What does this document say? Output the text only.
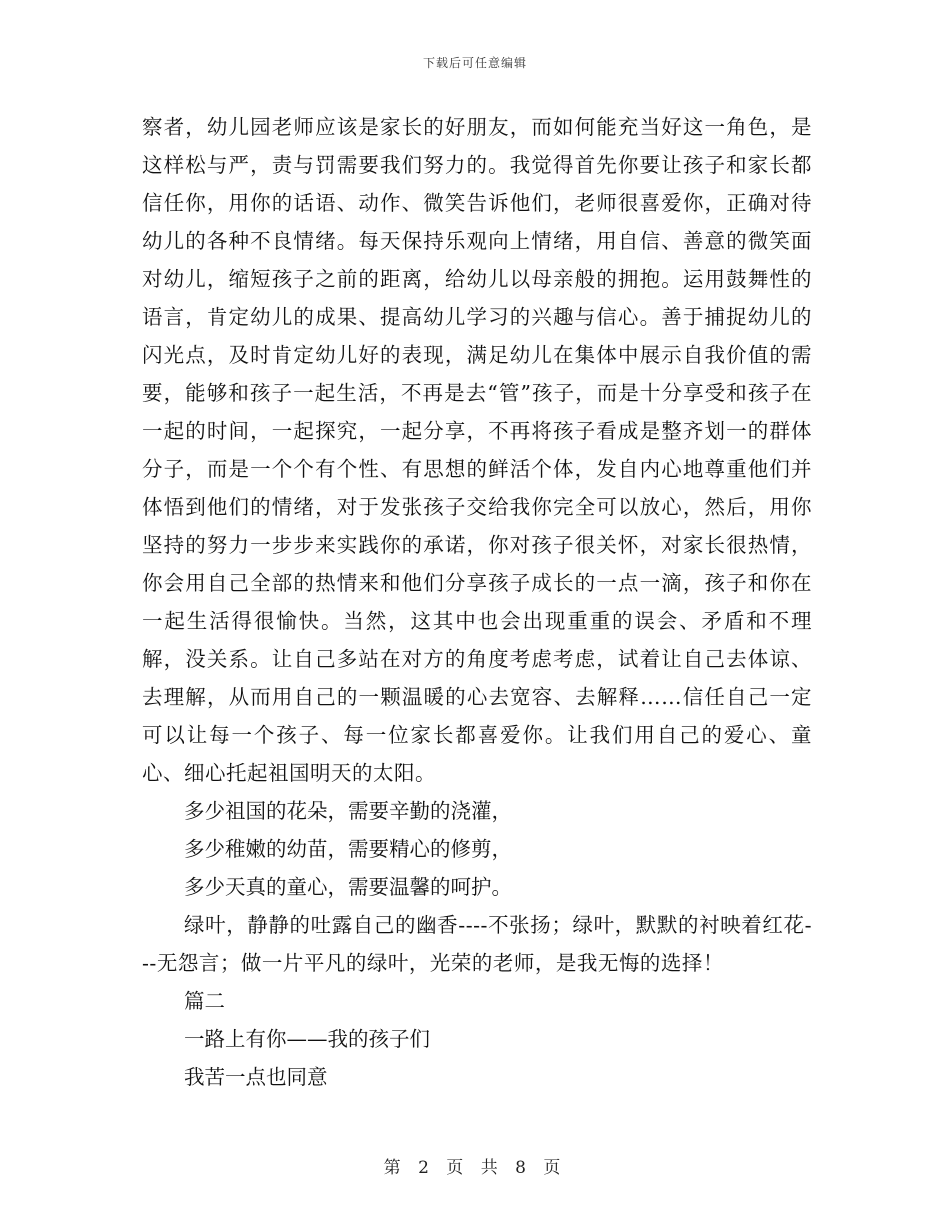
下载后可任意编辑

察者，幼儿园老师应该是家长的好朋友，而如何能充当好这一角色，是这样松与严，责与罚需要我们努力的。我觉得首先你要让孩子和家长都信任你，用你的话语、动作、微笑告诉他们，老师很喜爱你，正确对待幼儿的各种不良情绪。每天保持乐观向上情绪，用自信、善意的微笑面对幼儿，缩短孩子之前的距离，给幼儿以母亲般的拥抱。运用鼓舞性的语言，肯定幼儿的成果、提高幼儿学习的兴趣与信心。善于捕捉幼儿的闪光点，及时肯定幼儿好的表现，满足幼儿在集体中展示自我价值的需要，能够和孩子一起生活，不再是去“管”孩子，而是十分享受和孩子在一起的时间，一起探究，一起分享，不再将孩子看成是整齐划一的群体分子，而是一个个有个性、有思想的鲜活个体，发自内心地尊重他们并体悟到他们的情绪，对于发张孩子交给我你完全可以放心，然后，用你坚持的努力一步步来实践你的承诺，你对孩子很关怀，对家长很热情，你会用自己全部的热情来和他们分享孩子成长的一点一滴，孩子和你在一起生活得很愉快。当然，这其中也会出现重重的误会、矛盾和不理解，没关系。让自己多站在对方的角度考虑考虑，试着让自己去体谅、去理解，从而用自己的一颗温暖的心去宽容、去解释……信任自己一定可以让每一个孩子、每一位家长都喜爱你。让我们用自己的爱心、童心、细心托起祖国明天的太阳。

多少祖国的花朵，需要辛勤的浇灌，

多少稚嫩的幼苗，需要精心的修剪，

多少天真的童心，需要温馨的呵护。

绿叶，静静的吐露自己的幽香----不张扬；绿叶，默默的衬映着红花---无怨言；做一片平凡的绿叶，光荣的老师，是我无悔的选择！

篇二

一路上有你——我的孩子们

我苦一点也同意

第 2 页 共 8 页
